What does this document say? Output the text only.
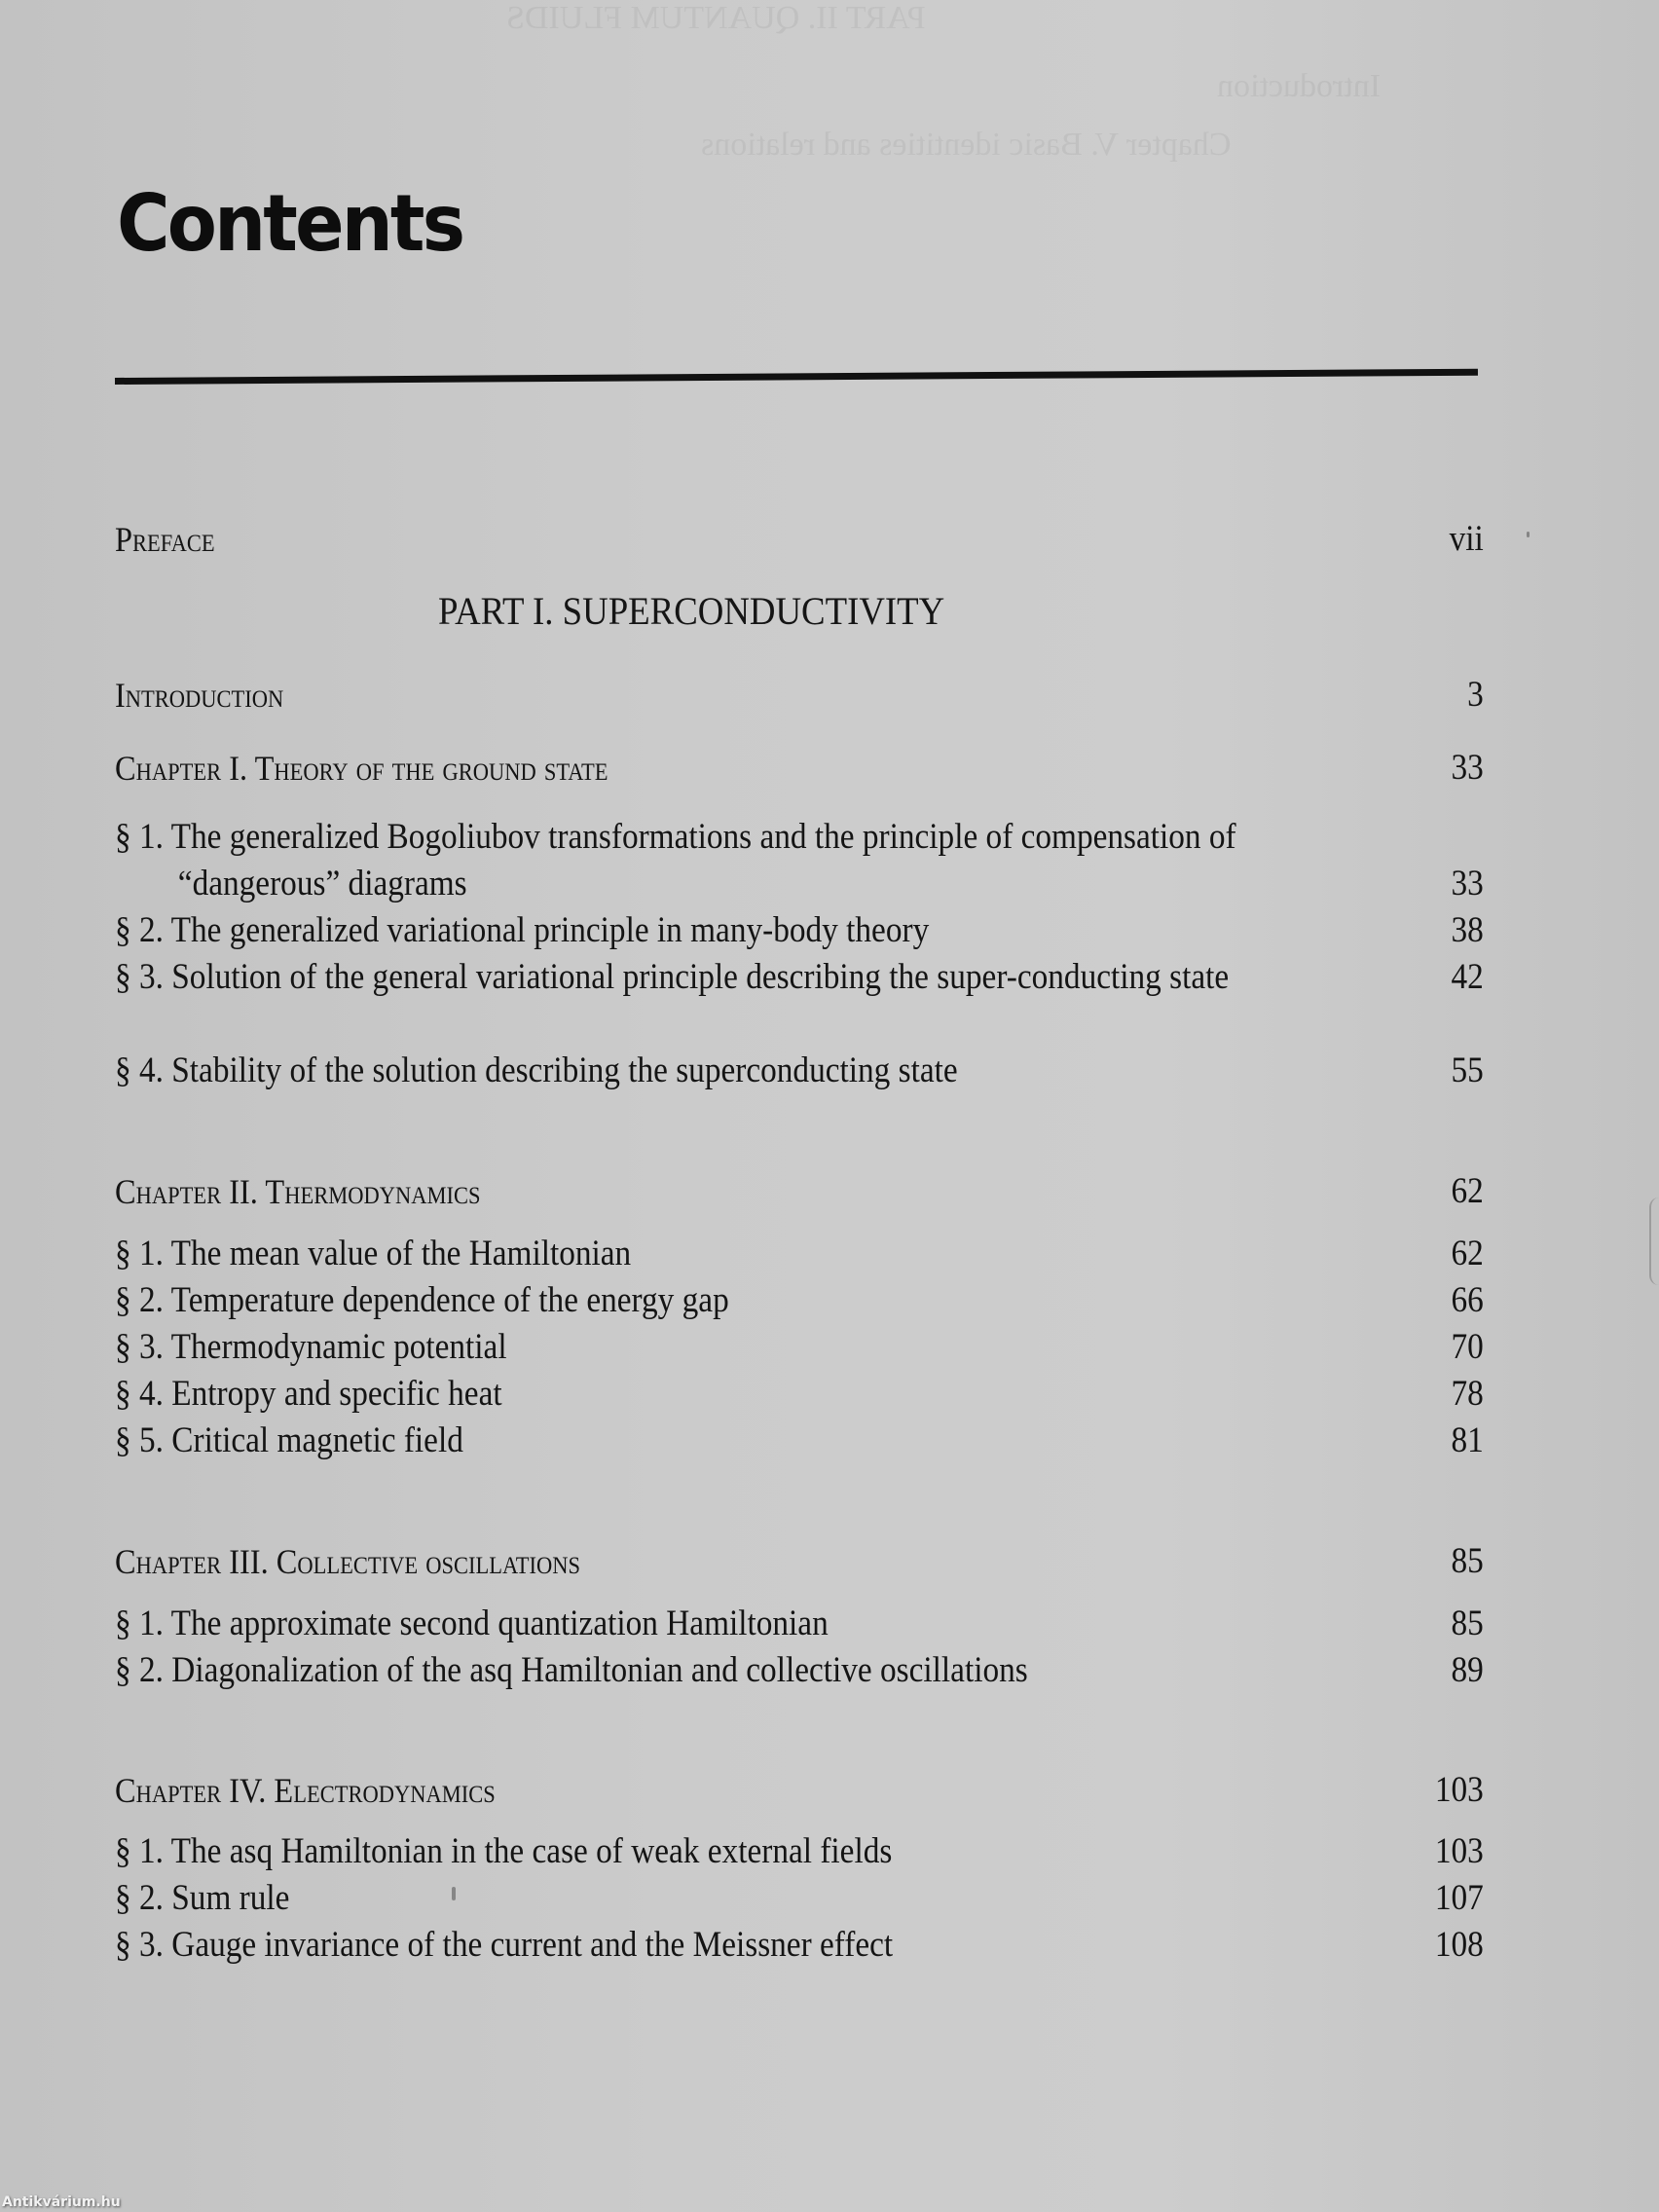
PART II. QUANTUM FLUIDS
Introduction
Chapter V. Basic identities and relations
Contents
Preface	vii
PART I. SUPERCONDUCTIVITY
Introduction	3
Chapter I. Theory of the ground state	33
§ 1. The generalized Bogoliubov transformations and the principle of compensation of “dangerous” diagrams	33
§ 2. The generalized variational principle in many-body theory	38
§ 3. Solution of the general variational principle describing the super-conducting state	42
§ 4. Stability of the solution describing the superconducting state	55
Chapter II. Thermodynamics	62
§ 1. The mean value of the Hamiltonian	62
§ 2. Temperature dependence of the energy gap	66
§ 3. Thermodynamic potential	70
§ 4. Entropy and specific heat	78
§ 5. Critical magnetic field	81
Chapter III. Collective oscillations	85
§ 1. The approximate second quantization Hamiltonian	85
§ 2. Diagonalization of the asq Hamiltonian and collective oscillations	89
Chapter IV. Electrodynamics	103
§ 1. The asq Hamiltonian in the case of weak external fields	103
§ 2. Sum rule	107
§ 3. Gauge invariance of the current and the Meissner effect	108
Antikvárium.hu
